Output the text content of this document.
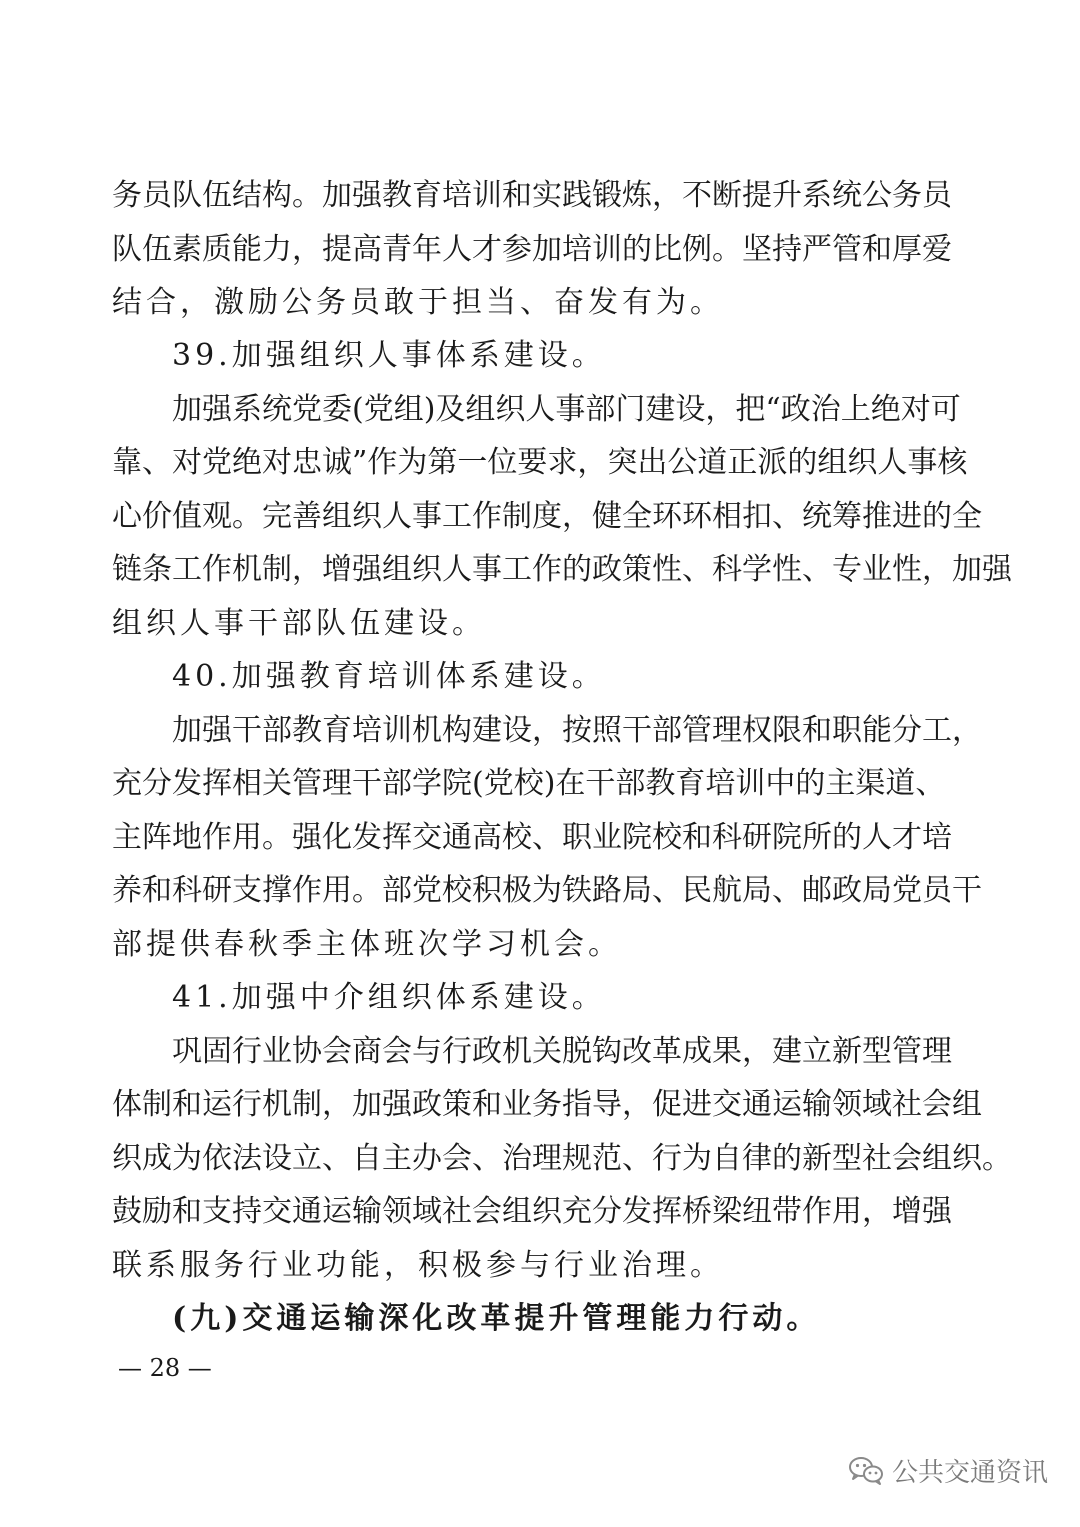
务员队伍结构。加强教育培训和实践锻炼，不断提升系统公务员
队伍素质能力，提高青年人才参加培训的比例。坚持严管和厚爱
结合，激励公务员敢于担当、奋发有为。
39.加强组织人事体系建设。
加强系统党委(党组)及组织人事部门建设，把“政治上绝对可
靠、对党绝对忠诚”作为第一位要求，突出公道正派的组织人事核
心价值观。完善组织人事工作制度，健全环环相扣、统筹推进的全
链条工作机制，增强组织人事工作的政策性、科学性、专业性，加强
组织人事干部队伍建设。
40.加强教育培训体系建设。
加强干部教育培训机构建设，按照干部管理权限和职能分工，
充分发挥相关管理干部学院(党校)在干部教育培训中的主渠道、
主阵地作用。强化发挥交通高校、职业院校和科研院所的人才培
养和科研支撑作用。部党校积极为铁路局、民航局、邮政局党员干
部提供春秋季主体班次学习机会。
41.加强中介组织体系建设。
巩固行业协会商会与行政机关脱钩改革成果，建立新型管理
体制和运行机制，加强政策和业务指导，促进交通运输领域社会组
织成为依法设立、自主办会、治理规范、行为自律的新型社会组织。
鼓励和支持交通运输领域社会组织充分发挥桥梁纽带作用，增强
联系服务行业功能，积极参与行业治理。
(九)交通运输深化改革提升管理能力行动。
— 28 —
公共交通资讯
